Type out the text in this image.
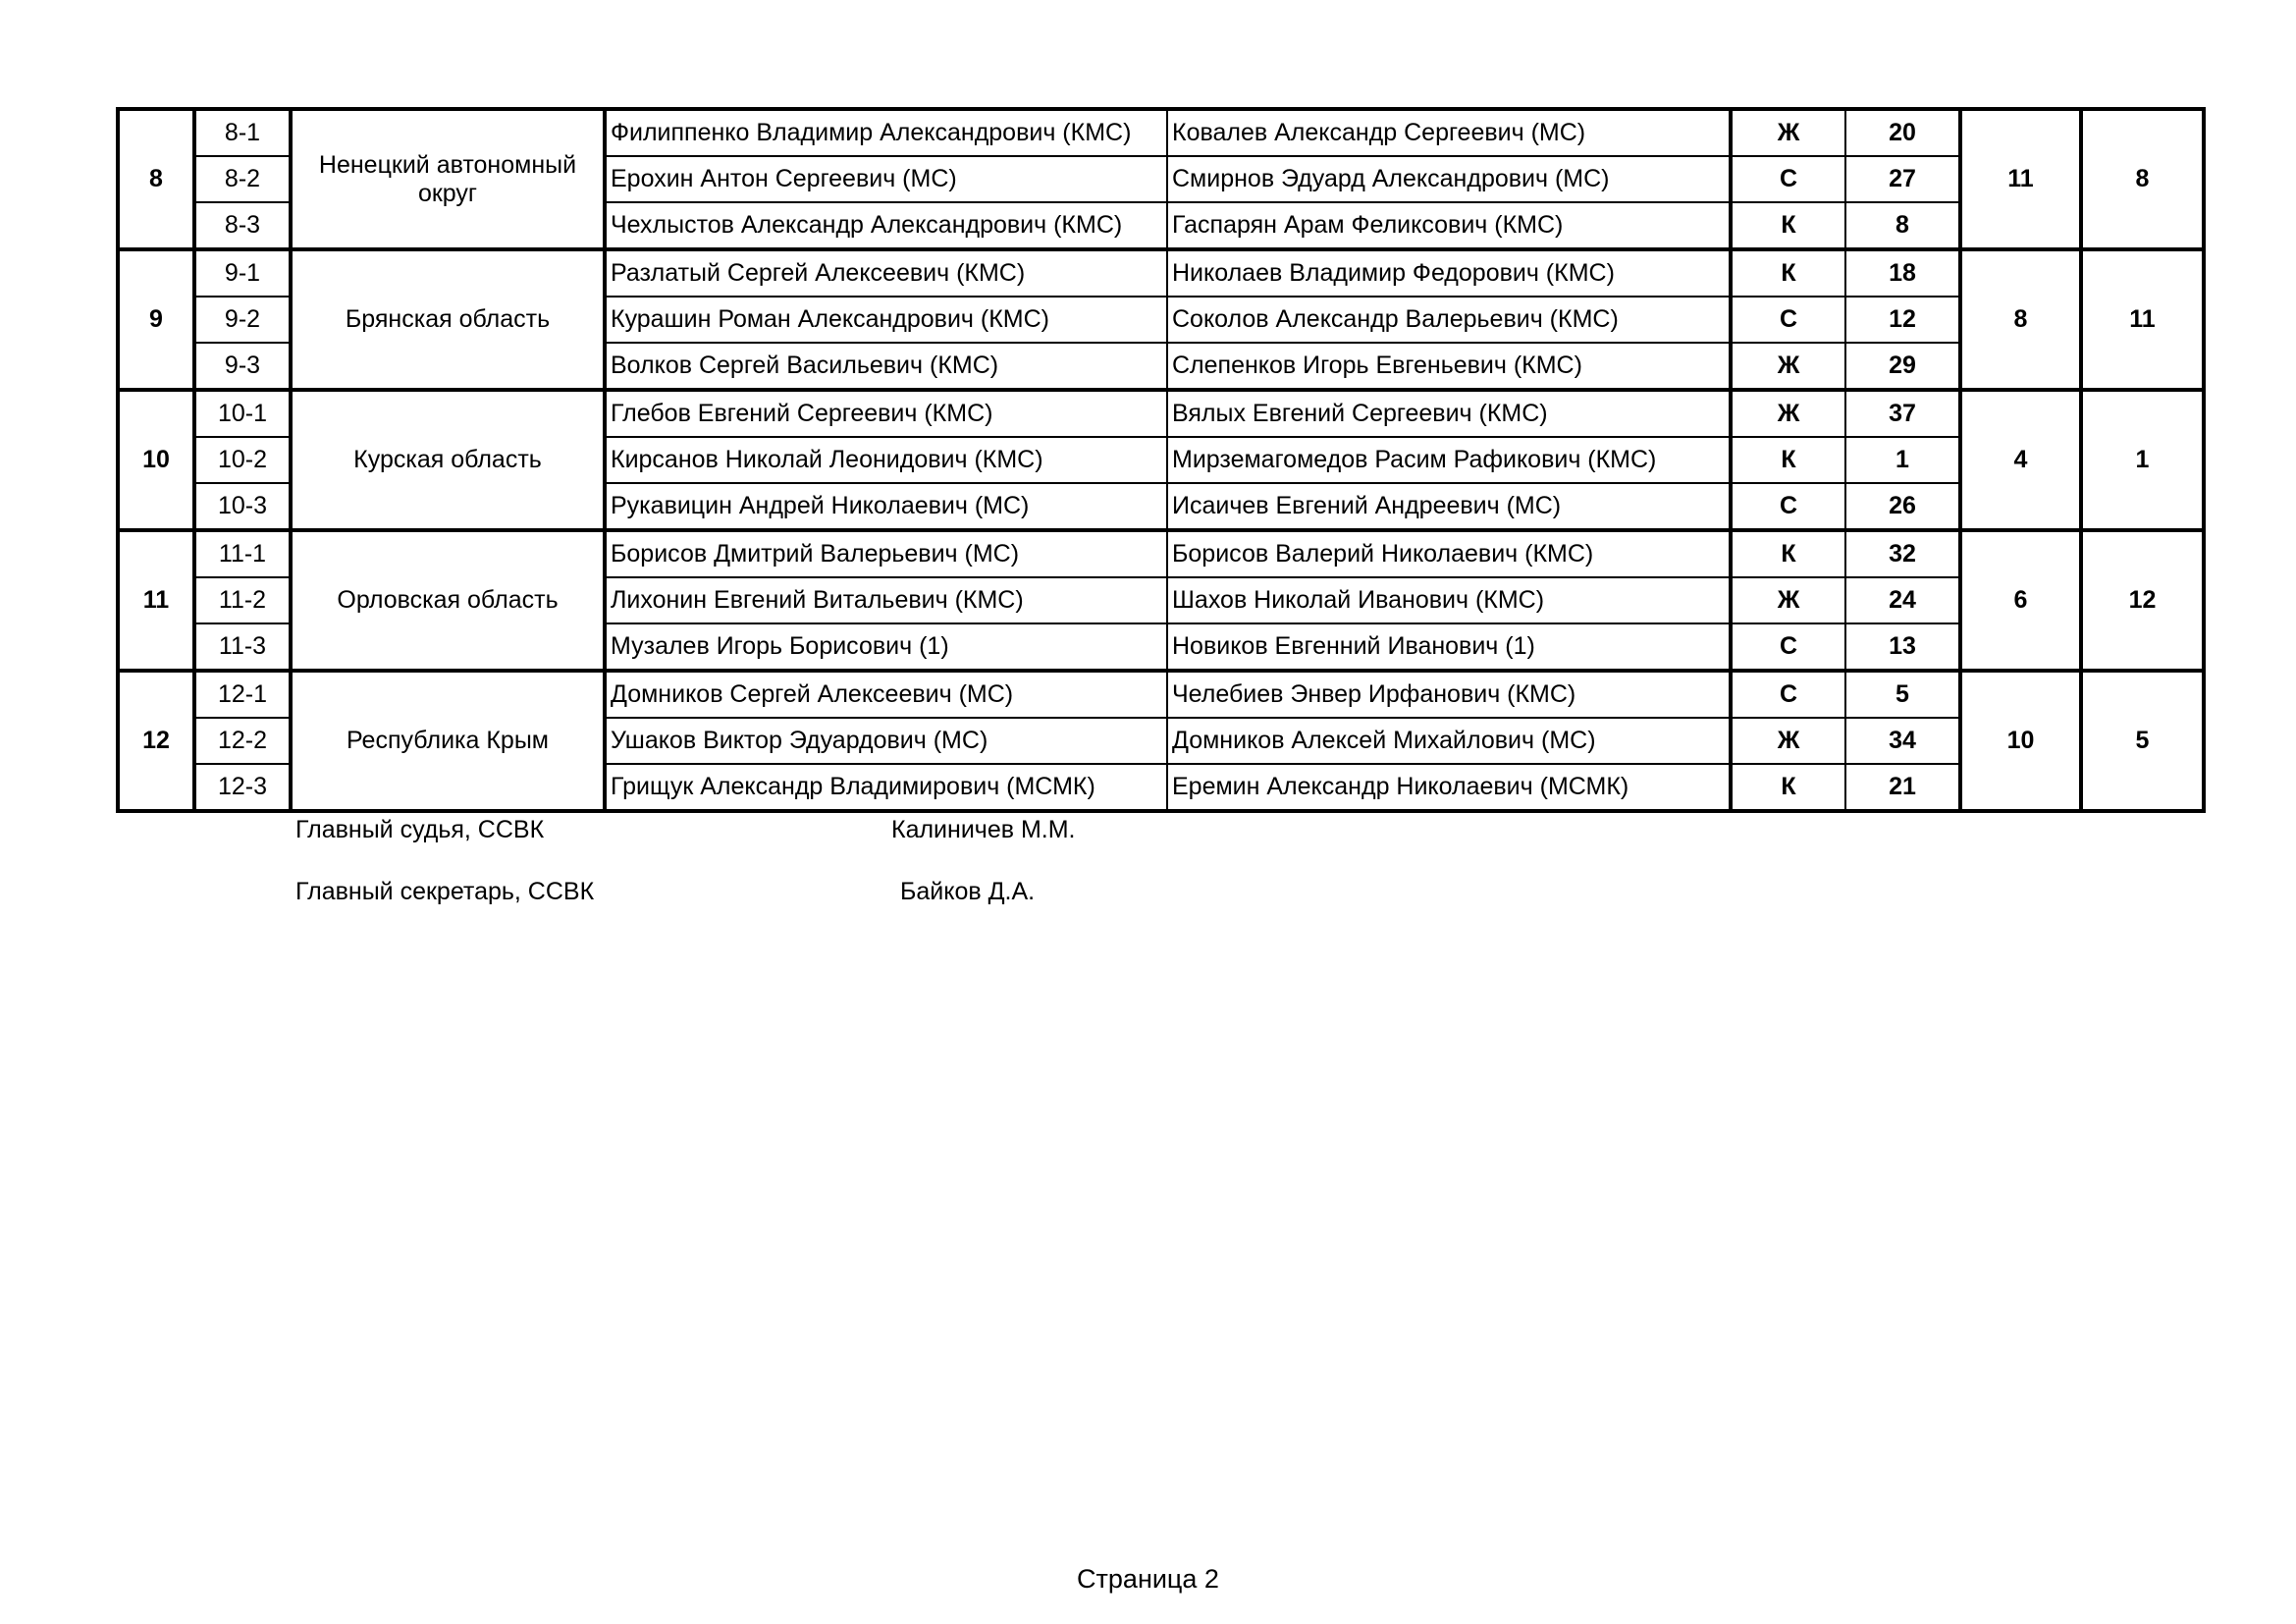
8	8-1	Ненецкий автономный округ	Филиппенко Владимир Александрович (КМС)	Ковалев Александр Сергеевич (МС)	Ж	20	11	8
	8-2		Ерохин Антон Сергеевич (МС)	Смирнов Эдуард Александрович (МС)	С	27		
	8-3		Чехлыстов Александр Александрович (КМС)	Гаспарян Арам Феликсович (КМС)	К	8		
9	9-1	Брянская область	Разлатый Сергей Алексеевич (КМС)	Николаев Владимир Федорович (КМС)	К	18	8	11
	9-2		Курашин Роман Александрович (КМС)	Соколов Александр Валерьевич (КМС)	С	12		
	9-3		Волков Сергей Васильевич (КМС)	Слепенков Игорь Евгеньевич (КМС)	Ж	29		
10	10-1	Курская область	Глебов Евгений Сергеевич (КМС)	Вялых Евгений Сергеевич (КМС)	Ж	37	4	1
	10-2		Кирсанов Николай Леонидович (КМС)	Мирземагомедов Расим Рафикович (КМС)	К	1		
	10-3		Рукавицин Андрей Николаевич (МС)	Исаичев Евгений Андреевич (МС)	С	26		
11	11-1	Орловская область	Борисов Дмитрий Валерьевич (МС)	Борисов Валерий Николаевич (КМС)	К	32	6	12
	11-2		Лихонин Евгений Витальевич (КМС)	Шахов Николай Иванович (КМС)	Ж	24		
	11-3		Музалев Игорь Борисович (1)	Новиков Евгенний Иванович (1)	С	13		
12	12-1	Республика Крым	Домников Сергей Алексеевич (МС)	Челебиев Энвер Ирфанович (КМС)	С	5	10	5
	12-2		Ушаков Виктор Эдуардович (МС)	Домников Алексей Михайлович (МС)	Ж	34		
	12-3		Грищук Александр Владимирович (МСМК)	Еремин Александр Николаевич (МСМК)	К	21		
Главный судья, ССВК	Калиничев М.М.
Главный секретарь, ССВК	Байков Д.А.
Страница 2
